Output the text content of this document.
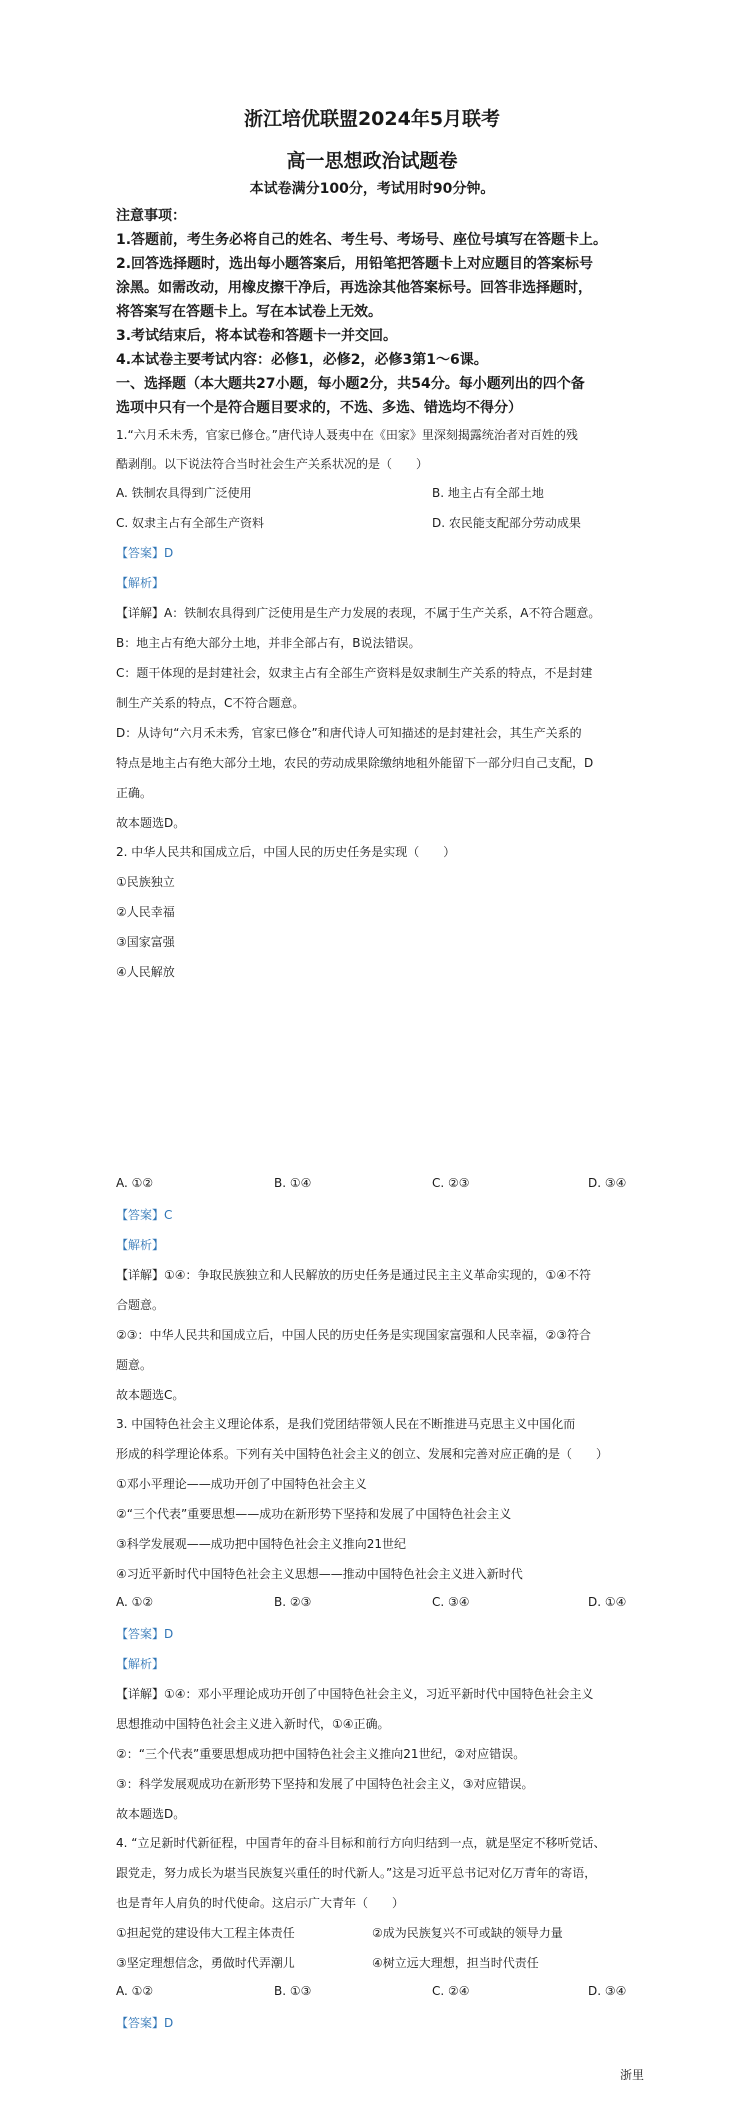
浙江培优联盟2024年5月联考
高一思想政治试题卷
本试卷满分100分，考试用时90分钟。
注意事项：
1.答题前，考生务必将自己的姓名、考生号、考场号、座位号填写在答题卡上。
2.回答选择题时，选出每小题答案后，用铅笔把答题卡上对应题目的答案标号
涂黑。如需改动，用橡皮擦干净后，再选涂其他答案标号。回答非选择题时，
将答案写在答题卡上。写在本试卷上无效。
3.考试结束后，将本试卷和答题卡一并交回。
4.本试卷主要考试内容：必修1，必修2，必修3第1～6课。
一、选择题（本大题共27小题，每小题2分，共54分。每小题列出的四个备
选项中只有一个是符合题目要求的，不选、多选、错选均不得分）
1.“六月禾未秀，官家已修仓。”唐代诗人聂夷中在《田家》里深刻揭露统治者对百姓的残
酷剥削。以下说法符合当时社会生产关系状况的是（　　）
A. 铁制农具得到广泛使用	B. 地主占有全部土地
C. 奴隶主占有全部生产资料	D. 农民能支配部分劳动成果
【答案】D
【解析】
【详解】A：铁制农具得到广泛使用是生产力发展的表现，不属于生产关系，A不符合题意。
B：地主占有绝大部分土地，并非全部占有，B说法错误。
C：题干体现的是封建社会，奴隶主占有全部生产资料是奴隶制生产关系的特点，不是封建
制生产关系的特点，C不符合题意。
D：从诗句“六月禾未秀，官家已修仓”和唐代诗人可知描述的是封建社会，其生产关系的
特点是地主占有绝大部分土地，农民的劳动成果除缴纳地租外能留下一部分归自己支配，D
正确。
故本题选D。
2. 中华人民共和国成立后，中国人民的历史任务是实现（　　）
①民族独立
②人民幸福
③国家富强
④人民解放
A. ①②	B. ①④	C. ②③	D. ③④
【答案】C
【解析】
【详解】①④：争取民族独立和人民解放的历史任务是通过民主主义革命实现的，①④不符
合题意。
②③：中华人民共和国成立后，中国人民的历史任务是实现国家富强和人民幸福，②③符合
题意。
故本题选C。
3. 中国特色社会主义理论体系，是我们党团结带领人民在不断推进马克思主义中国化而
形成的科学理论体系。下列有关中国特色社会主义的创立、发展和完善对应正确的是（　　）
①邓小平理论——成功开创了中国特色社会主义
②“三个代表”重要思想——成功在新形势下坚持和发展了中国特色社会主义
③科学发展观——成功把中国特色社会主义推向21世纪
④习近平新时代中国特色社会主义思想——推动中国特色社会主义进入新时代
A. ①②	B. ②③	C. ③④	D. ①④
【答案】D
【解析】
【详解】①④：邓小平理论成功开创了中国特色社会主义，习近平新时代中国特色社会主义
思想推动中国特色社会主义进入新时代，①④正确。
②：“三个代表”重要思想成功把中国特色社会主义推向21世纪，②对应错误。
③：科学发展观成功在新形势下坚持和发展了中国特色社会主义，③对应错误。
故本题选D。
4. “立足新时代新征程，中国青年的奋斗目标和前行方向归结到一点，就是坚定不移听党话、
跟党走，努力成长为堪当民族复兴重任的时代新人。”这是习近平总书记对亿万青年的寄语，
也是青年人肩负的时代使命。这启示广大青年（　　）
①担起党的建设伟大工程主体责任	②成为民族复兴不可或缺的领导力量
③坚定理想信念，勇做时代弄潮儿	④树立远大理想，担当时代责任
A. ①②	B. ①③	C. ②④	D. ③④
【答案】D
浙里
